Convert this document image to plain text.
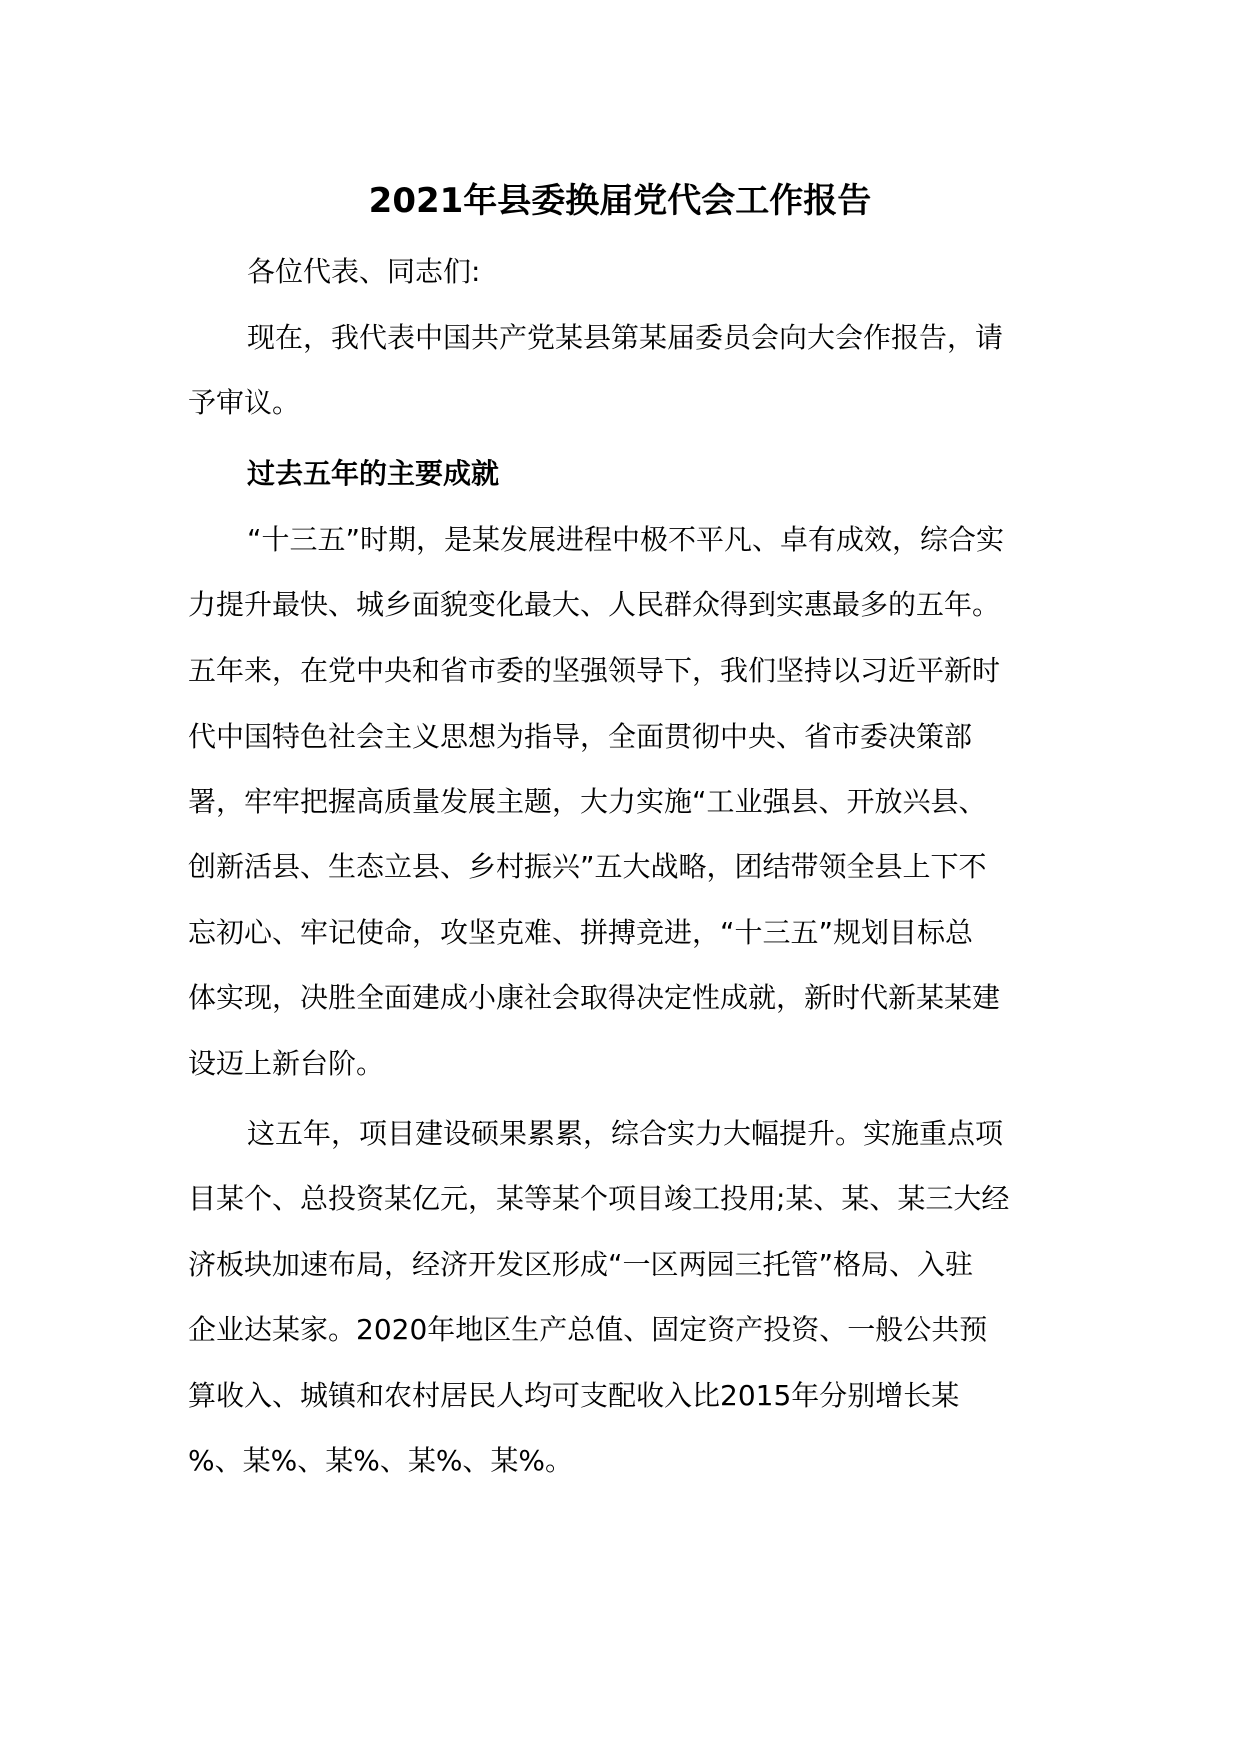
2021年县委换届党代会工作报告

各位代表、同志们:

现在，我代表中国共产党某县第某届委员会向大会作报告，请

予审议。

过去五年的主要成就

“十三五”时期，是某发展进程中极不平凡、卓有成效，综合实

力提升最快、城乡面貌变化最大、人民群众得到实惠最多的五年。

五年来，在党中央和省市委的坚强领导下，我们坚持以习近平新时

代中国特色社会主义思想为指导，全面贯彻中央、省市委决策部

署，牢牢把握高质量发展主题，大力实施“工业强县、开放兴县、

创新活县、生态立县、乡村振兴”五大战略，团结带领全县上下不

忘初心、牢记使命，攻坚克难、拼搏竞进，“十三五”规划目标总

体实现，决胜全面建成小康社会取得决定性成就，新时代新某某建

设迈上新台阶。

这五年，项目建设硕果累累，综合实力大幅提升。实施重点项

目某个、总投资某亿元，某等某个项目竣工投用;某、某、某三大经

济板块加速布局，经济开发区形成“一区两园三托管”格局、入驻

企业达某家。2020年地区生产总值、固定资产投资、一般公共预

算收入、城镇和农村居民人均可支配收入比2015年分别增长某

%、某%、某%、某%、某%。
